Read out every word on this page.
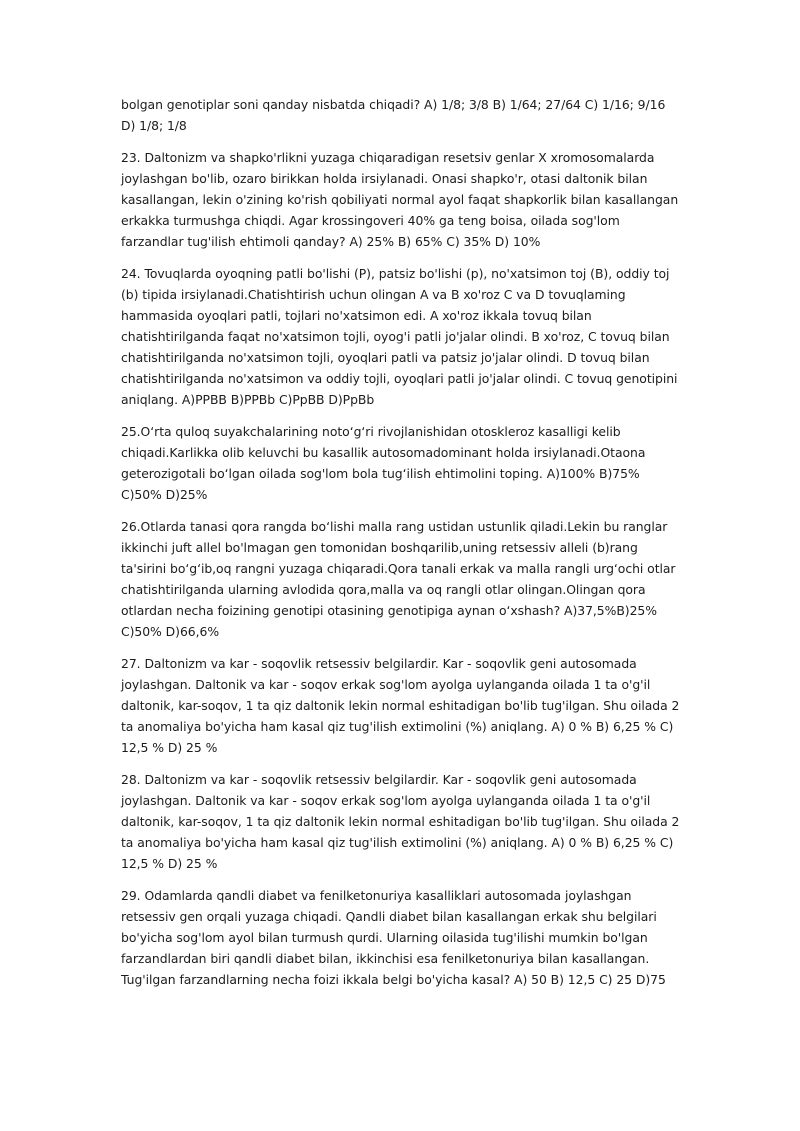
bolgan genotiplar soni qanday nisbatda chiqadi? A) 1/8; 3/8 B) 1/64; 27/64 C) 1/16; 9/16 D) 1/8; 1/8

23. Daltonizm va shapko'rlikni yuzaga chiqaradigan resetsiv genlar X xromosomalarda joylashgan bo'lib, ozaro birikkan holda irsiylanadi. Onasi shapko'r, otasi daltonik bilan kasallangan, lekin o'zining ko'rish qobiliyati normal ayol faqat shapkorlik bilan kasallangan erkakka turmushga chiqdi. Agar krossingoveri 40% ga teng boisa, oilada sog'lom farzandlar tug'ilish ehtimoli qanday? A) 25% B) 65% C) 35% D) 10%

24. Tovuqlarda oyoqning patli bo'lishi (P), patsiz bo'lishi (p), no'xatsimon toj (B), oddiy toj (b) tipida irsiylanadi.Chatishtirish uchun olingan A va B xo'roz C va D tovuqlaming hammasida oyoqlari patli, tojlari no'xatsimon edi. A xo'roz ikkala tovuq bilan chatishtirilganda faqat no'xatsimon tojli, oyog'i patli jo'jalar olindi. B xo'roz, C tovuq bilan chatishtirilganda no'xatsimon tojli, oyoqlari patli va patsiz jo'jalar olindi. D tovuq bilan chatishtirilganda no'xatsimon va oddiy tojli, oyoqlari patli jo'jalar olindi. C tovuq genotipini aniqlang. A)PPBB B)PPBb C)PpBB D)PpBb

25.O‘rta quloq suyakchalarining noto‘g‘ri rivojlanishidan otoskleroz kasalligi kelib chiqadi.Karlikka olib keluvchi bu kasallik autosomadominant holda irsiylanadi.Otaona geterozigotali bo‘lgan oilada sog'lom bola tug‘ilish ehtimolini toping. A)100% B)75% C)50% D)25%

26.Otlarda tanasi qora rangda bo‘lishi malla rang ustidan ustunlik qiladi.Lekin bu ranglar ikkinchi juft allel bo'lmagan gen tomonidan boshqarilib,uning retsessiv alleli (b)rang ta'sirini bo‘g‘ib,oq rangni yuzaga chiqaradi.Qora tanali erkak va malla rangli urg‘ochi otlar chatishtirilganda ularning avlodida qora,malla va oq rangli otlar olingan.Olingan qora otlardan necha foizining genotipi otasining genotipiga aynan o‘xshash? A)37,5%B)25% C)50% D)66,6%

27. Daltonizm va kar - soqovlik retsessiv belgilardir. Kar - soqovlik geni autosomada joylashgan. Daltonik va kar - soqov erkak sog'lom ayolga uylanganda oilada 1 ta o'g'il daltonik, kar-soqov, 1 ta qiz daltonik lekin normal eshitadigan bo'lib tug'ilgan. Shu oilada 2 ta anomaliya bo'yicha ham kasal qiz tug'ilish extimolini (%) aniqlang. A) 0 % B) 6,25 % C) 12,5 % D) 25 %

28. Daltonizm va kar - soqovlik retsessiv belgilardir. Kar - soqovlik geni autosomada joylashgan. Daltonik va kar - soqov erkak sog'lom ayolga uylanganda oilada 1 ta o'g'il daltonik, kar-soqov, 1 ta qiz daltonik lekin normal eshitadigan bo'lib tug'ilgan. Shu oilada 2 ta anomaliya bo'yicha ham kasal qiz tug'ilish extimolini (%) aniqlang. A) 0 % B) 6,25 % C) 12,5 % D) 25 %

29. Odamlarda qandli diabet va fenilketonuriya kasalliklari autosomada joylashgan retsessiv gen orqali yuzaga chiqadi. Qandli diabet bilan kasallangan erkak shu belgilari bo'yicha sog'lom ayol bilan turmush qurdi. Ularning oilasida tug'ilishi mumkin bo'lgan farzandlardan biri qandli diabet bilan, ikkinchisi esa fenilketonuriya bilan kasallangan. Tug'ilgan farzandlarning necha foizi ikkala belgi bo'yicha kasal? A) 50 B) 12,5 C) 25 D)75
